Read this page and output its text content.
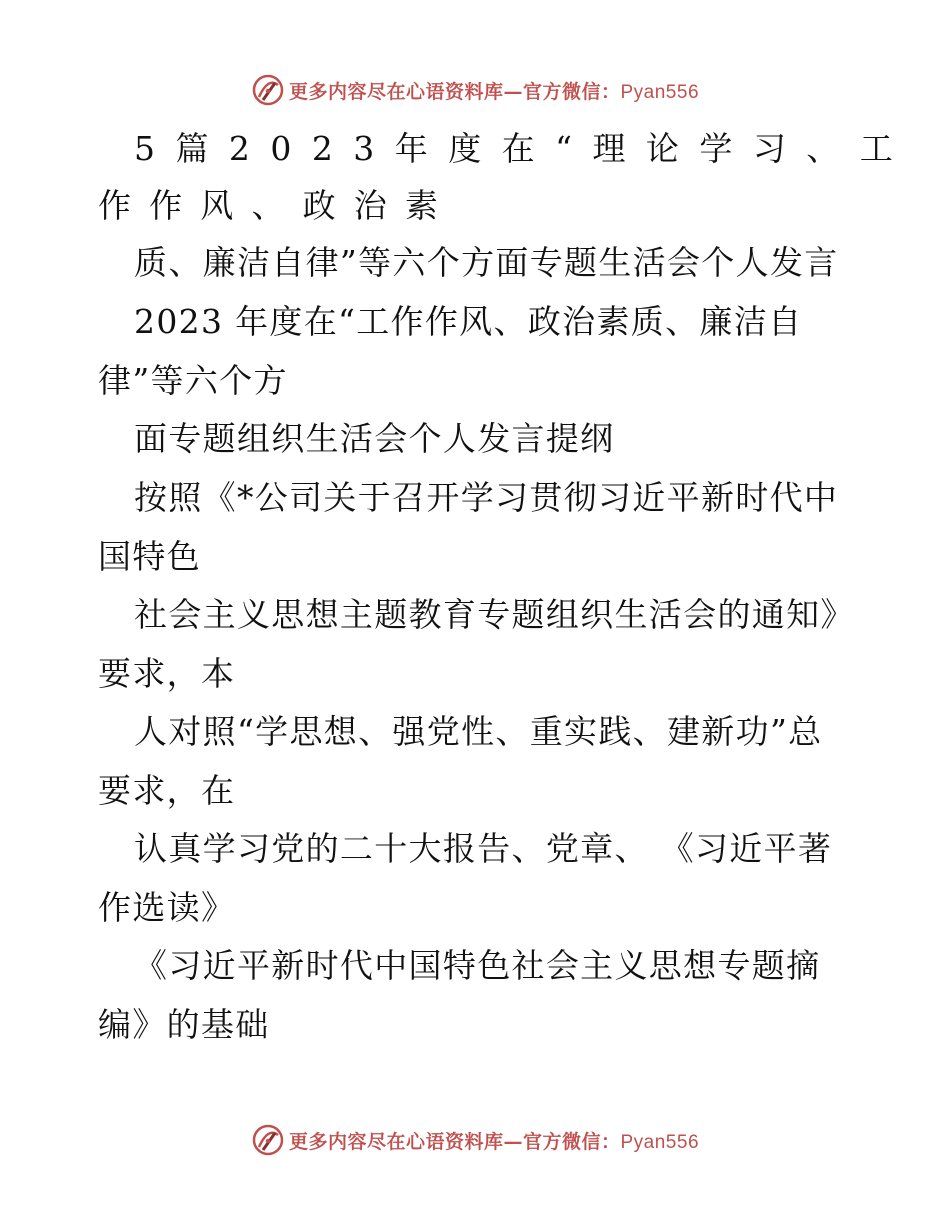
更多内容尽在心语资料库—官方微信：Pyan556
5篇2023年度在“理论学习、工
作作风、政治素
质、廉洁自律”等六个方面专题生活会个人发言
2023 年度在“工作作风、政治素质、廉洁自
律”等六个方
面专题组织生活会个人发言提纲
按照《*公司关于召开学习贯彻习近平新时代中
国特色
社会主义思想主题教育专题组织生活会的通知》
要求，本
人对照“学思想、强党性、重实践、建新功”总
要求，在
认真学习党的二十大报告、党章、 《习近平著
作选读》
《习近平新时代中国特色社会主义思想专题摘
编》的基础
更多内容尽在心语资料库—官方微信：Pyan556
